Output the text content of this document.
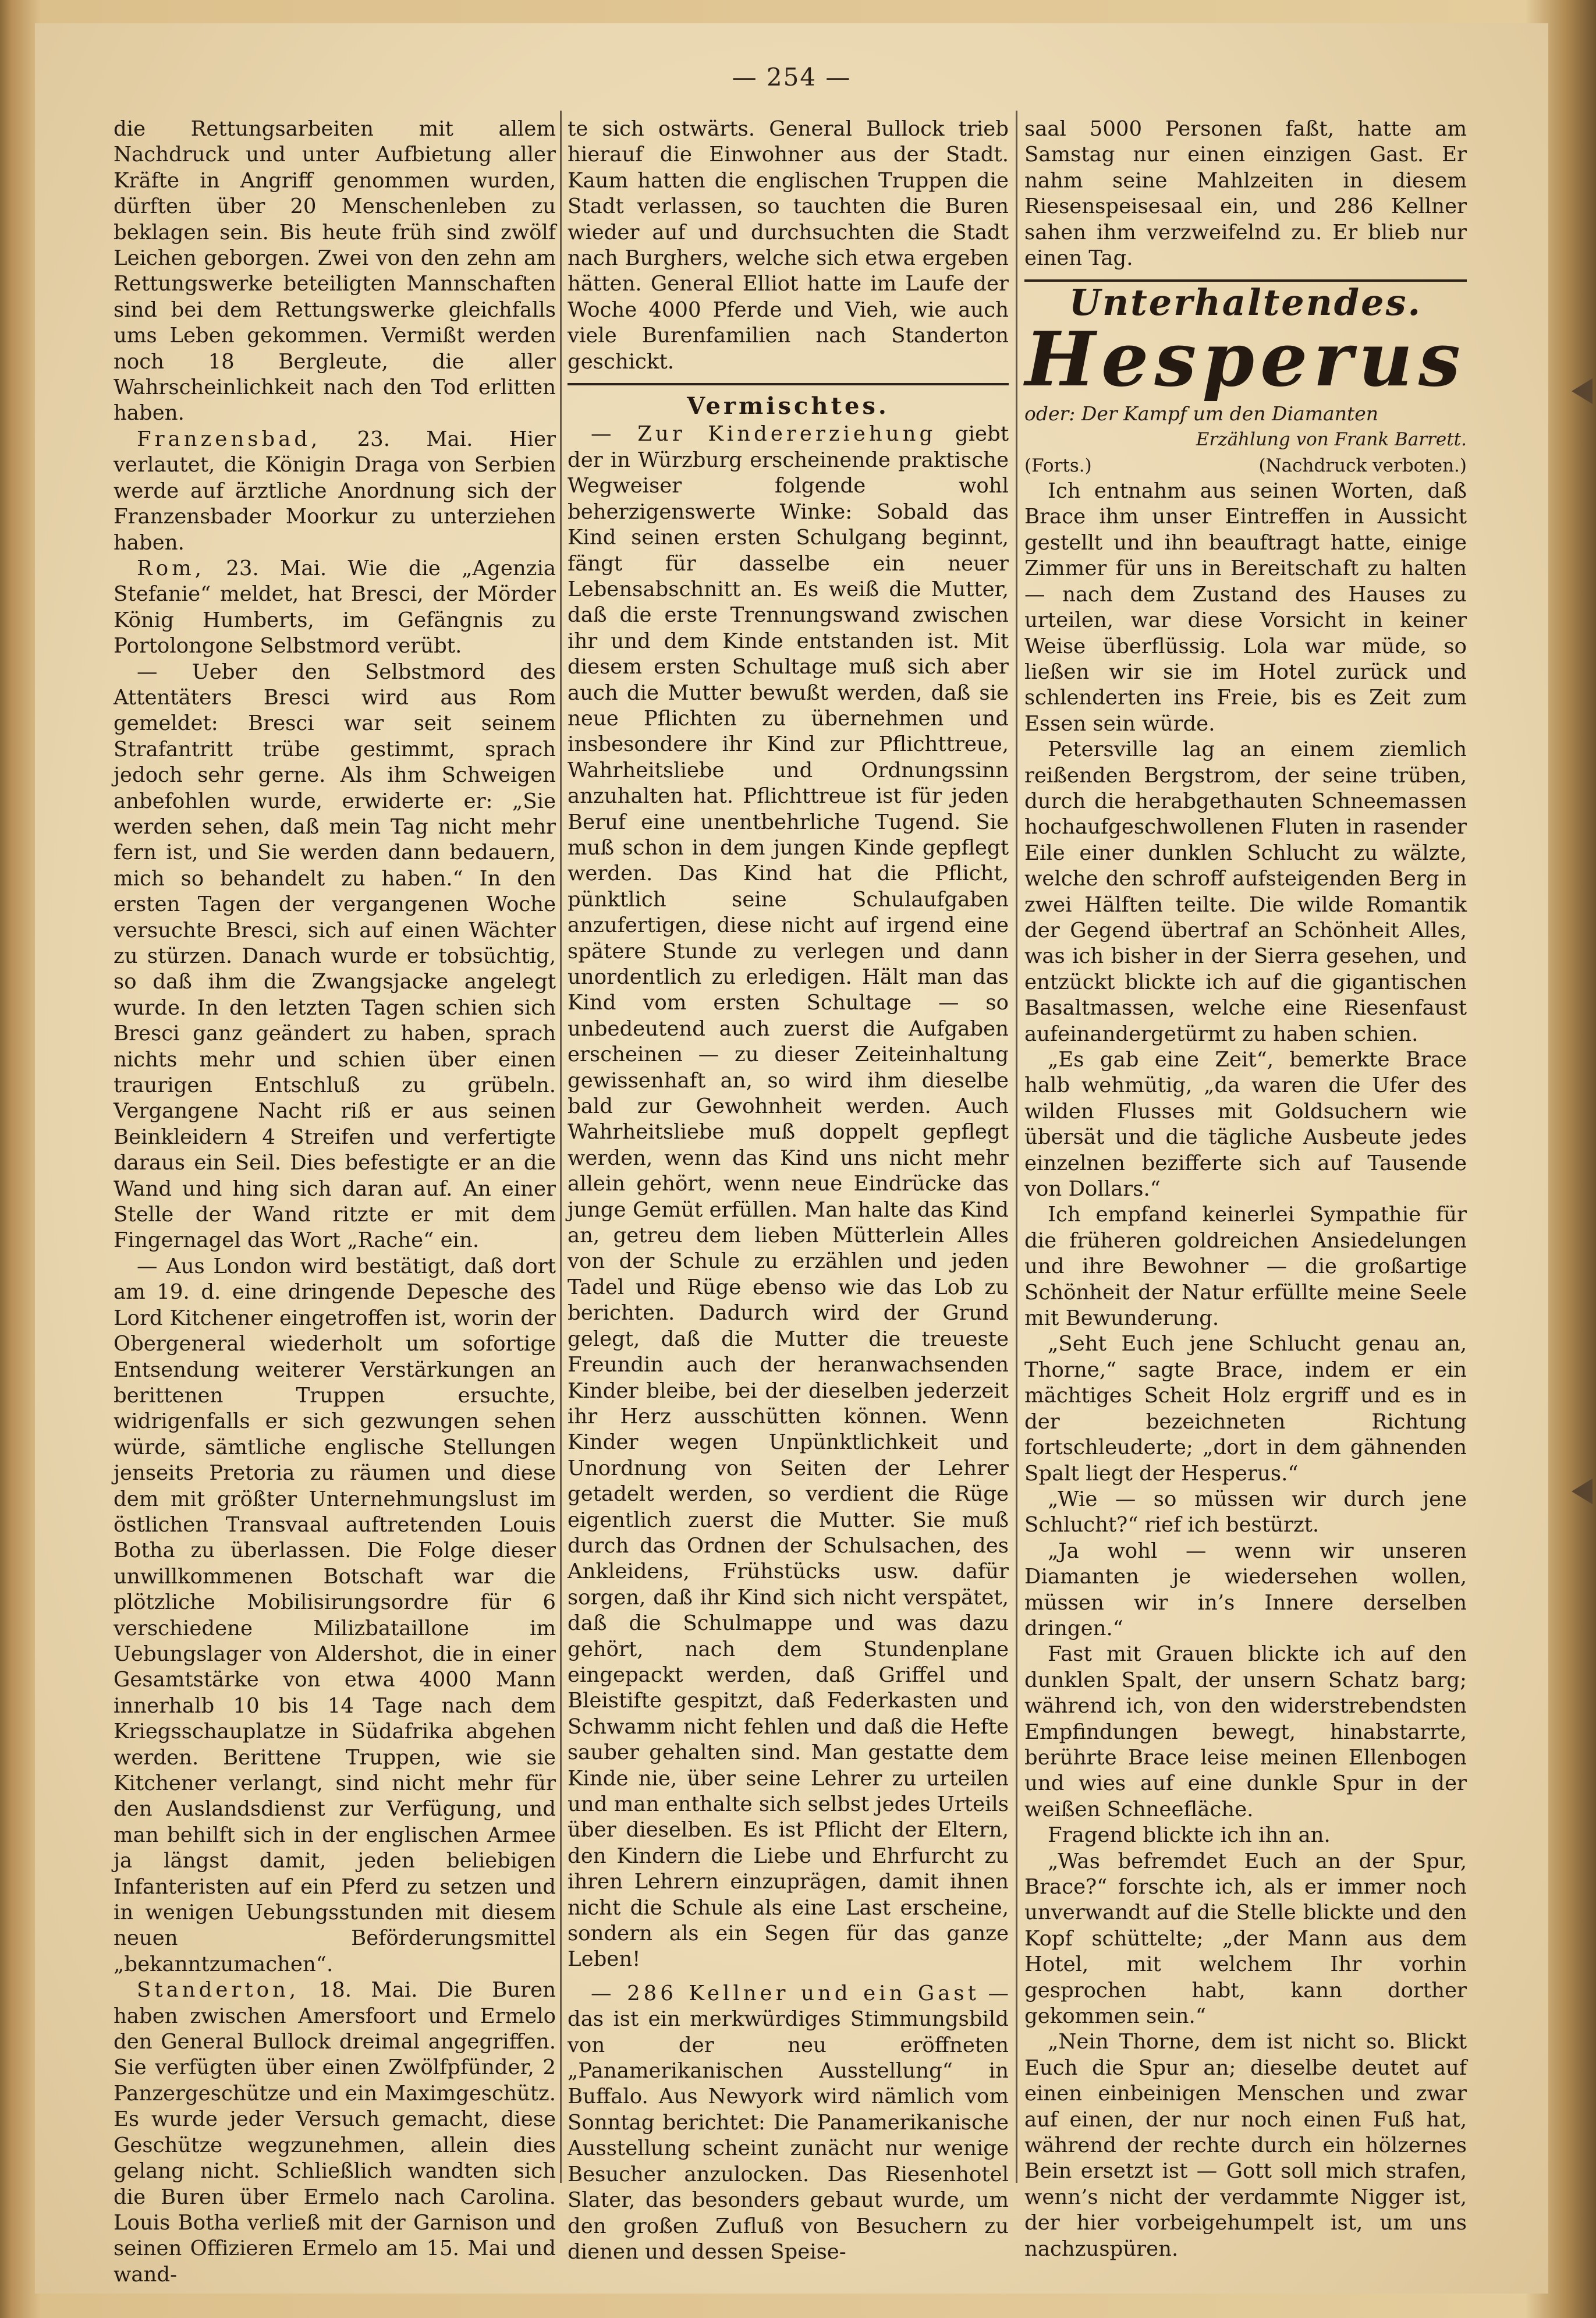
— 254 —

die Rettungsarbeiten mit allem Nachdruck und unter Aufbietung aller Kräfte in Angriff genommen wurden, dürften über 20 Menschenleben zu beklagen sein. Bis heute früh sind zwölf Leichen geborgen. Zwei von den zehn am Rettungswerke beteiligten Mannschaften sind bei dem Rettungswerke gleichfalls ums Leben gekommen. Vermißt werden noch 18 Bergleute, die aller Wahrscheinlichkeit nach den Tod erlitten haben.

Franzensbad, 23. Mai. Hier verlautet, die Königin Draga von Serbien werde auf ärztliche Anordnung sich der Franzensbader Moorkur zu unterziehen haben.

Rom, 23. Mai. Wie die „Agenzia Stefanie“ meldet, hat Bresci, der Mörder König Humberts, im Gefängnis zu Portolongone Selbstmord verübt.

— Ueber den Selbstmord des Attentäters Bresci wird aus Rom gemeldet: Bresci war seit seinem Strafantritt trübe gestimmt, sprach jedoch sehr gerne. Als ihm Schweigen anbefohlen wurde, erwiderte er: „Sie werden sehen, daß mein Tag nicht mehr fern ist, und Sie werden dann bedauern, mich so behandelt zu haben.“ In den ersten Tagen der vergangenen Woche versuchte Bresci, sich auf einen Wächter zu stürzen. Danach wurde er tobsüchtig, so daß ihm die Zwangsjacke angelegt wurde. In den letzten Tagen schien sich Bresci ganz geändert zu haben, sprach nichts mehr und schien über einen traurigen Entschluß zu grübeln. Vergangene Nacht riß er aus seinen Beinkleidern 4 Streifen und verfertigte daraus ein Seil. Dies befestigte er an die Wand und hing sich daran auf. An einer Stelle der Wand ritzte er mit dem Fingernagel das Wort „Rache“ ein.

— Aus London wird bestätigt, daß dort am 19. d. eine dringende Depesche des Lord Kitchener eingetroffen ist, worin der Obergeneral wiederholt um sofortige Entsendung weiterer Verstärkungen an berittenen Truppen ersuchte, widrigenfalls er sich gezwungen sehen würde, sämtliche englische Stellungen jenseits Pretoria zu räumen und diese dem mit größter Unternehmungslust im östlichen Transvaal auftretenden Louis Botha zu überlassen. Die Folge dieser unwillkommenen Botschaft war die plötzliche Mobilisirungsordre für 6 verschiedene Milizbataillone im Uebungslager von Aldershot, die in einer Gesamtstärke von etwa 4000 Mann innerhalb 10 bis 14 Tage nach dem Kriegsschauplatze in Südafrika abgehen werden. Berittene Truppen, wie sie Kitchener verlangt, sind nicht mehr für den Auslandsdienst zur Verfügung, und man behilft sich in der englischen Armee ja längst damit, jeden beliebigen Infanteristen auf ein Pferd zu setzen und in wenigen Uebungsstunden mit diesem neuen Beförderungsmittel „bekanntzumachen“.

Standerton, 18. Mai. Die Buren haben zwischen Amersfoort und Ermelo den General Bullock dreimal angegriffen. Sie verfügten über einen Zwölfpfünder, 2 Panzergeschütze und ein Maximgeschütz. Es wurde jeder Versuch gemacht, diese Geschütze wegzunehmen, allein dies gelang nicht. Schließlich wandten sich die Buren über Ermelo nach Carolina. Louis Botha verließ mit der Garnison und seinen Offizieren Ermelo am 15. Mai und wand-

te sich ostwärts. General Bullock trieb hierauf die Einwohner aus der Stadt. Kaum hatten die englischen Truppen die Stadt verlassen, so tauchten die Buren wieder auf und durchsuchten die Stadt nach Burghers, welche sich etwa ergeben hätten. General Elliot hatte im Laufe der Woche 4000 Pferde und Vieh, wie auch viele Burenfamilien nach Standerton geschickt.

Vermischtes.

— Zur Kindererziehung giebt der in Würzburg erscheinende praktische Wegweiser folgende wohl beherzigenswerte Winke: Sobald das Kind seinen ersten Schulgang beginnt, fängt für dasselbe ein neuer Lebensabschnitt an. Es weiß die Mutter, daß die erste Trennungswand zwischen ihr und dem Kinde entstanden ist. Mit diesem ersten Schultage muß sich aber auch die Mutter bewußt werden, daß sie neue Pflichten zu übernehmen und insbesondere ihr Kind zur Pflichttreue, Wahrheitsliebe und Ordnungssinn anzuhalten hat. Pflichttreue ist für jeden Beruf eine unentbehrliche Tugend. Sie muß schon in dem jungen Kinde gepflegt werden. Das Kind hat die Pflicht, pünktlich seine Schulaufgaben anzufertigen, diese nicht auf irgend eine spätere Stunde zu verlegen und dann unordentlich zu erledigen. Hält man das Kind vom ersten Schultage — so unbedeutend auch zuerst die Aufgaben erscheinen — zu dieser Zeiteinhaltung gewissenhaft an, so wird ihm dieselbe bald zur Gewohnheit werden. Auch Wahrheitsliebe muß doppelt gepflegt werden, wenn das Kind uns nicht mehr allein gehört, wenn neue Eindrücke das junge Gemüt erfüllen. Man halte das Kind an, getreu dem lieben Mütterlein Alles von der Schule zu erzählen und jeden Tadel und Rüge ebenso wie das Lob zu berichten. Dadurch wird der Grund gelegt, daß die Mutter die treueste Freundin auch der heranwachsenden Kinder bleibe, bei der dieselben jederzeit ihr Herz ausschütten können. Wenn Kinder wegen Unpünktlichkeit und Unordnung von Seiten der Lehrer getadelt werden, so verdient die Rüge eigentlich zuerst die Mutter. Sie muß durch das Ordnen der Schulsachen, des Ankleidens, Frühstücks usw. dafür sorgen, daß ihr Kind sich nicht verspätet, daß die Schulmappe und was dazu gehört, nach dem Stundenplane eingepackt werden, daß Griffel und Bleistifte gespitzt, daß Federkasten und Schwamm nicht fehlen und daß die Hefte sauber gehalten sind. Man gestatte dem Kinde nie, über seine Lehrer zu urteilen und man enthalte sich selbst jedes Urteils über dieselben. Es ist Pflicht der Eltern, den Kindern die Liebe und Ehrfurcht zu ihren Lehrern einzuprägen, damit ihnen nicht die Schule als eine Last erscheine, sondern als ein Segen für das ganze Leben!

— 286 Kellner und ein Gast — das ist ein merkwürdiges Stimmungsbild von der neu eröffneten „Panamerikanischen Ausstellung“ in Buffalo. Aus Newyork wird nämlich vom Sonntag berichtet: Die Panamerikanische Ausstellung scheint zunächt nur wenige Besucher anzulocken. Das Riesenhotel Slater, das besonders gebaut wurde, um den großen Zufluß von Besuchern zu dienen und dessen Speise-

saal 5000 Personen faßt, hatte am Samstag nur einen einzigen Gast. Er nahm seine Mahlzeiten in diesem Riesenspeisesaal ein, und 286 Kellner sahen ihm verzweifelnd zu. Er blieb nur einen Tag.

Unterhaltendes.
Hesperus
oder: Der Kampf um den Diamanten
Erzählung von Frank Barrett.
(Forts.)	(Nachdruck verboten.)

Ich entnahm aus seinen Worten, daß Brace ihm unser Eintreffen in Aussicht gestellt und ihn beauftragt hatte, einige Zimmer für uns in Bereitschaft zu halten — nach dem Zustand des Hauses zu urteilen, war diese Vorsicht in keiner Weise überflüssig. Lola war müde, so ließen wir sie im Hotel zurück und schlenderten ins Freie, bis es Zeit zum Essen sein würde.

Petersville lag an einem ziemlich reißenden Bergstrom, der seine trüben, durch die herabgethauten Schneemassen hochaufgeschwollenen Fluten in rasender Eile einer dunklen Schlucht zu wälzte, welche den schroff aufsteigenden Berg in zwei Hälften teilte. Die wilde Romantik der Gegend übertraf an Schönheit Alles, was ich bisher in der Sierra gesehen, und entzückt blickte ich auf die gigantischen Basaltmassen, welche eine Riesenfaust aufeinandergetürmt zu haben schien.

„Es gab eine Zeit“, bemerkte Brace halb wehmütig, „da waren die Ufer des wilden Flusses mit Goldsuchern wie übersät und die tägliche Ausbeute jedes einzelnen bezifferte sich auf Tausende von Dollars.“

Ich empfand keinerlei Sympathie für die früheren goldreichen Ansiedelungen und ihre Bewohner — die großartige Schönheit der Natur erfüllte meine Seele mit Bewunderung.

„Seht Euch jene Schlucht genau an, Thorne,“ sagte Brace, indem er ein mächtiges Scheit Holz ergriff und es in der bezeichneten Richtung fortschleuderte; „dort in dem gähnenden Spalt liegt der Hesperus.“

„Wie — so müssen wir durch jene Schlucht?“ rief ich bestürzt.

„Ja wohl — wenn wir unseren Diamanten je wiedersehen wollen, müssen wir in’s Innere derselben dringen.“

Fast mit Grauen blickte ich auf den dunklen Spalt, der unsern Schatz barg; während ich, von den widerstrebendsten Empfindungen bewegt, hinabstarrte, berührte Brace leise meinen Ellenbogen und wies auf eine dunkle Spur in der weißen Schneefläche.

Fragend blickte ich ihn an.

„Was befremdet Euch an der Spur, Brace?“ forschte ich, als er immer noch unverwandt auf die Stelle blickte und den Kopf schüttelte; „der Mann aus dem Hotel, mit welchem Ihr vorhin gesprochen habt, kann dorther gekommen sein.“

„Nein Thorne, dem ist nicht so. Blickt Euch die Spur an; dieselbe deutet auf einen einbeinigen Menschen und zwar auf einen, der nur noch einen Fuß hat, während der rechte durch ein hölzernes Bein ersetzt ist — Gott soll mich strafen, wenn’s nicht der verdammte Nigger ist, der hier vorbeigehumpelt ist, um uns nachzuspüren.
